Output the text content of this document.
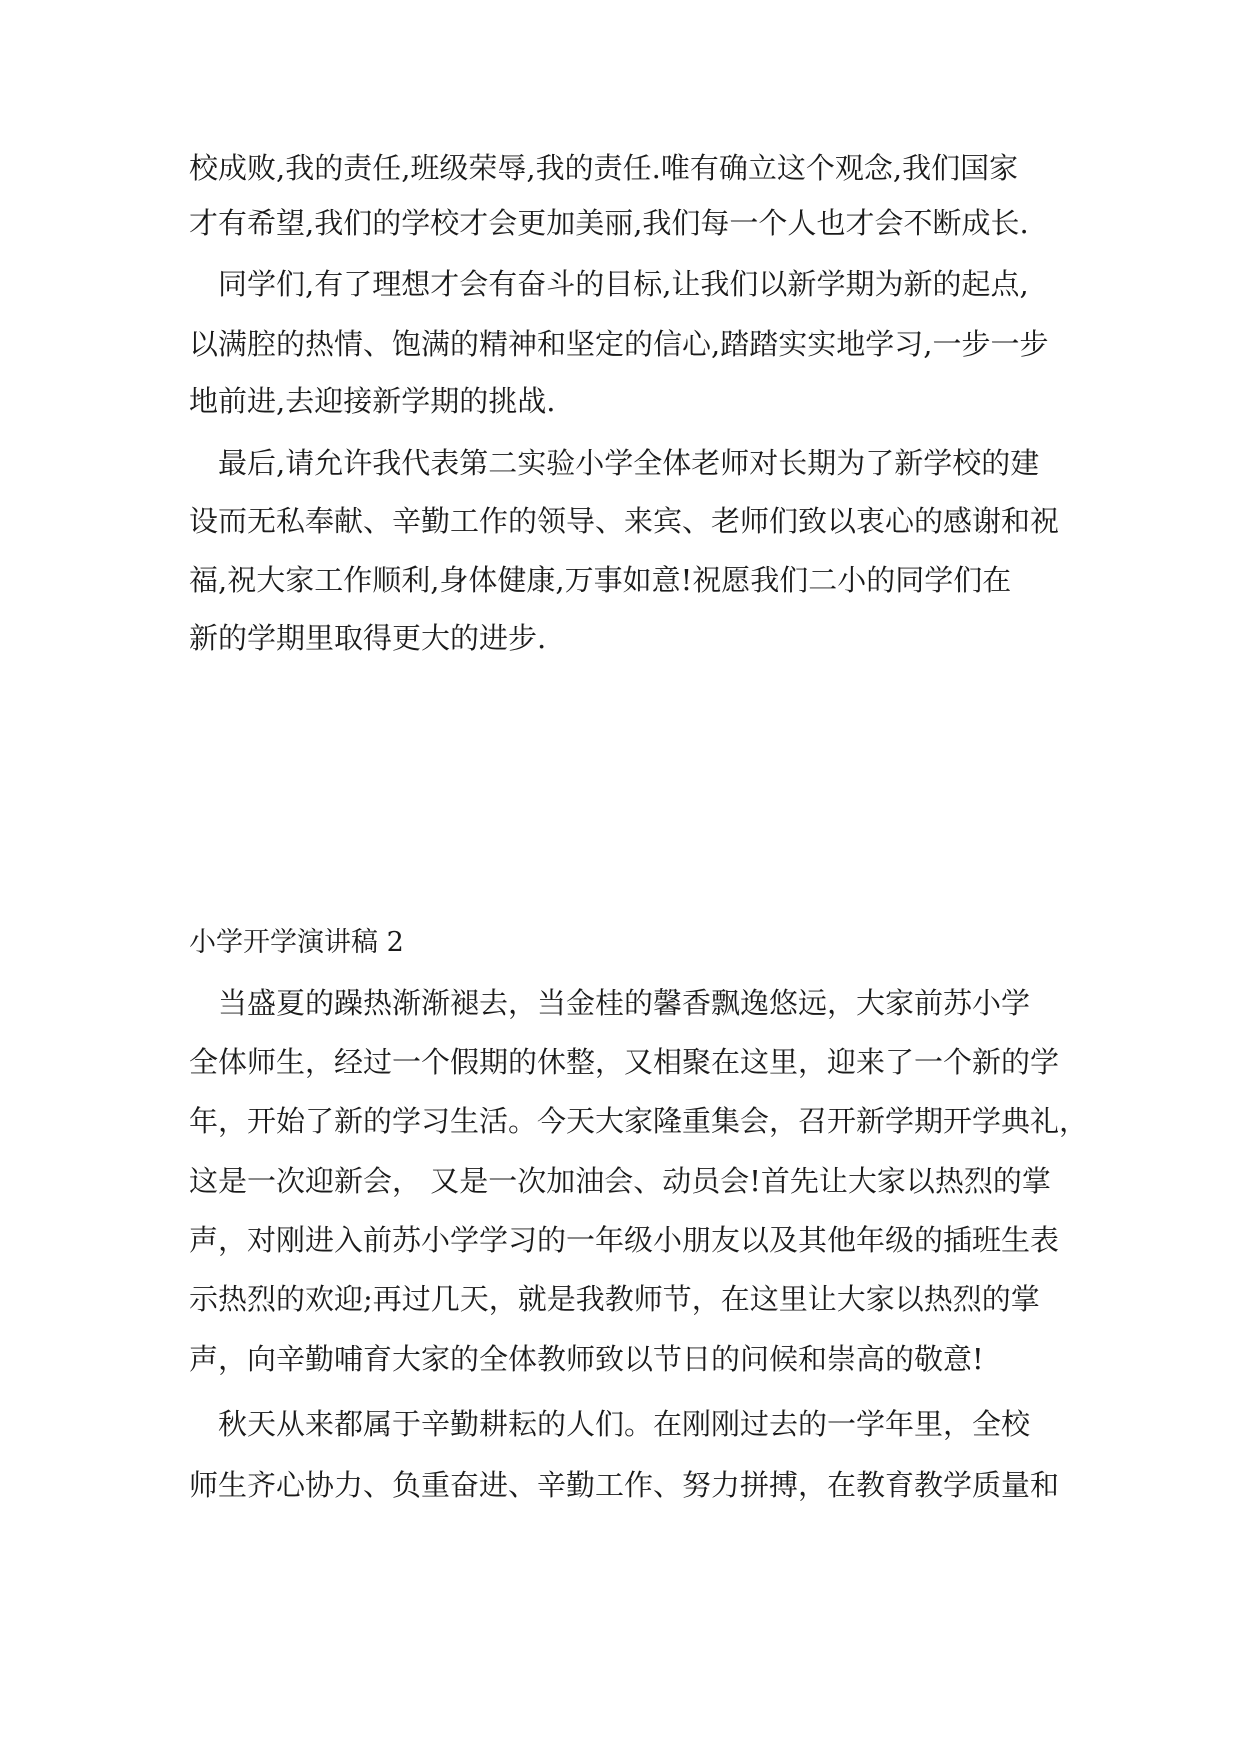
校成败,我的责任,班级荣辱,我的责任.唯有确立这个观念,我们国家
才有希望,我们的学校才会更加美丽,我们每一个人也才会不断成长.
　同学们,有了理想才会有奋斗的目标,让我们以新学期为新的起点,
以满腔的热情、饱满的精神和坚定的信心,踏踏实实地学习,一步一步
地前进,去迎接新学期的挑战.
　最后,请允许我代表第二实验小学全体老师对长期为了新学校的建
设而无私奉献、辛勤工作的领导、来宾、老师们致以衷心的感谢和祝
福,祝大家工作顺利,身体健康,万事如意!祝愿我们二小的同学们在
新的学期里取得更大的进步.
小学开学演讲稿 2
　当盛夏的躁热渐渐褪去，当金桂的馨香飘逸悠远，大家前苏小学
全体师生，经过一个假期的休整，又相聚在这里，迎来了一个新的学
年，开始了新的学习生活。今天大家隆重集会，召开新学期开学典礼，
这是一次迎新会， 又是一次加油会、动员会!首先让大家以热烈的掌
声，对刚进入前苏小学学习的一年级小朋友以及其他年级的插班生表
示热烈的欢迎;再过几天，就是我教师节，在这里让大家以热烈的掌
声，向辛勤哺育大家的全体教师致以节日的问候和崇高的敬意!
　秋天从来都属于辛勤耕耘的人们。在刚刚过去的一学年里，全校
师生齐心协力、负重奋进、辛勤工作、努力拼搏，在教育教学质量和
